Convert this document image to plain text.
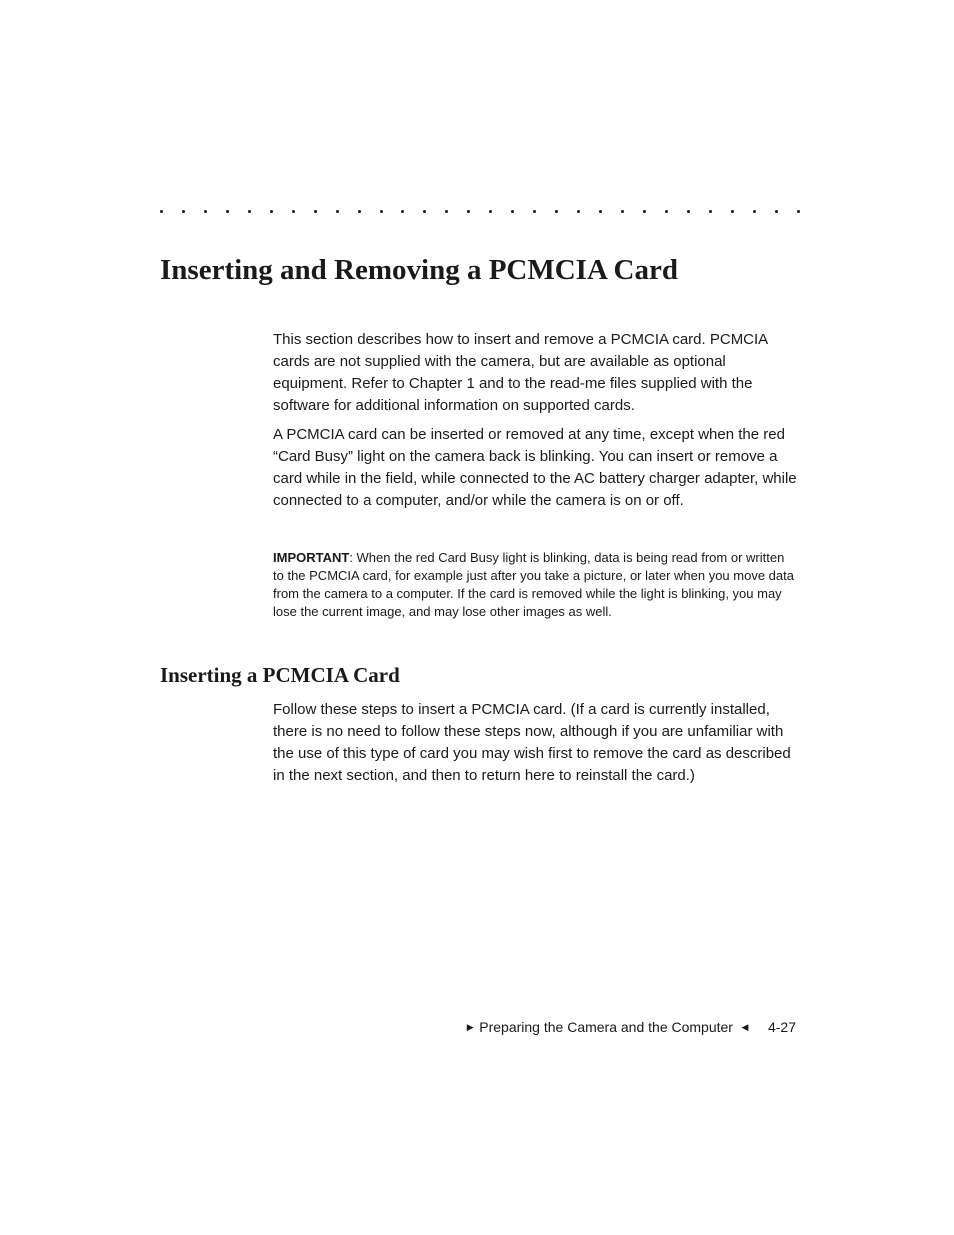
Inserting and Removing a PCMCIA Card

This section describes how to insert and remove a PCMCIA card. PCMCIA cards are not supplied with the camera, but are available as optional equipment. Refer to Chapter 1 and to the read-me files supplied with the software for additional information on supported cards.

A PCMCIA card can be inserted or removed at any time, except when the red “Card Busy” light on the camera back is blinking. You can insert or remove a card while in the field, while connected to the AC battery charger adapter, while connected to a computer, and/or while the camera is on or off.

IMPORTANT: When the red Card Busy light is blinking, data is being read from or written to the PCMCIA card, for example just after you take a picture, or later when you move data from the camera to a computer. If the card is removed while the light is blinking, you may lose the current image, and may lose other images as well.

Inserting a PCMCIA Card

Follow these steps to insert a PCMCIA card. (If a card is currently installed, there is no need to follow these steps now, although if you are unfamiliar with the use of this type of card you may wish first to remove the card as described in the next section, and then to return here to reinstall the card.)

▶ Preparing the Camera and the Computer ◀ 4-27
